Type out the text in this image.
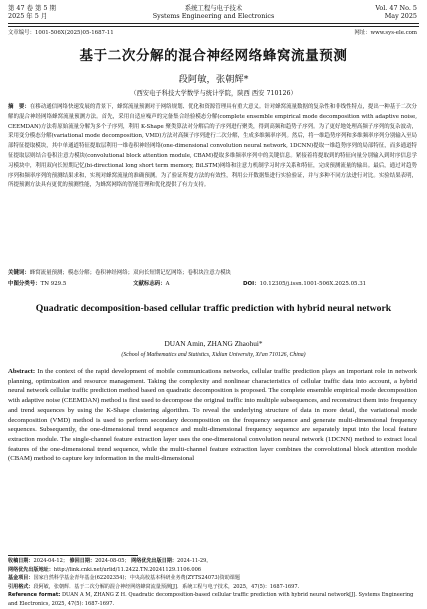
第 47 卷 第 5 期
2025 年 5 月
系统工程与电子技术
Systems Engineering and Electronics
Vol. 47 No. 5
May 2025
文章编号：1001-506X(2025)05-1687-11	网址：www.sys-ele.com
基于二次分解的混合神经网络蜂窝流量预测
段阿敏，张朝辉*
（西安电子科技大学数学与统计学院，陕西 西安 710126）
摘　要：在移动通信网络快速发展的背景下，蜂窝流量预测对于网络规划、优化和资源管理具有重大意义。针对蜂窝流量数据的复杂性和非线性特点，提出一种基于二次分解的混合神经网络蜂窝流量预测方法。首先，采用自适应噪声的完备集合经验模态分解(complete ensemble empirical mode decomposition with adaptive noise, CEEMDAN)方法将原始流量分解为多个子序列，利用 K-Shape 聚类算法对分解后的子序列进行聚类，得到高频和趋势子序列。为了更好地处理高频子序列的复杂波动，采用变分模态分解(variational mode decomposition, VMD)方法对高频子序列进行二次分解，生成多维频率序列。然后，将一维趋势序列和多维频率序列分别输入至局部特征提取模块，其中单通道特征提取层利用一维卷积神经网络(one-dimensional convolution neural network, 1DCNN)提取一维趋势序列的局部特征，而多通道特征提取层则结合卷积注意力模块(convolutional block attention module, CBAM)提取多维频率序列中的关键信息。紧接着将提取到的特征向量分别输入到时序信息学习模块中，利用双向长短期记忆(bi-directional long short term memory, BiLSTM)网络和注意力机制学习时序关系和特征，完成预测流量的输出。最后，通过对趋势序列和频率序列的预测结果求和，实现对蜂窝流量的准确预测。为了验证所提方法的有效性，利用公开数据集进行实验验证，并与多种不同方法进行对比。实验结果表明，所提预测方法具有更优的预测性能，为蜂窝网络的智能管理和优化提供了有力支持。
关键词：蜂窝流量预测；模态分解；卷积神经网络；双向长短期记忆网络；卷积块注意力模块
中图分类号：TN 929.5	文献标志码：A	DOI：10.12305/j.issn.1001-506X.2025.05.31
Quadratic decomposition-based cellular traffic prediction with hybrid neural network
DUAN Amin, ZHANG Zhaohui*
(School of Mathematics and Statistics, Xidian University, Xi'an 710126, China)
Abstract: In the context of the rapid development of mobile communications networks, cellular traffic prediction plays an important role in network planning, optimization and resource management. Taking the complexity and nonlinear characteristics of cellular traffic data into account, a hybrid neural network cellular traffic prediction method based on quadratic decomposition is proposed. The complete ensemble empirical mode decomposition with adaptive noise (CEEMDAN) method is first used to decompose the original traffic into multiple subsequences, and reconstruct them into frequency and trend sequences by using the K-Shape clustering algorithm. To reveal the underlying structure of data in more detail, the variational mode decomposition (VMD) method is used to perform secondary decomposition on the frequency sequence and generate multi-dimensional frequency sequences. Subsequently, the one-dimensional trend sequence and multi-dimensional frequency sequence are separately input into the local feature extraction module. The single-channel feature extraction layer uses the one-dimensional convolution neural network (1DCNN) method to extract local features of the one-dimensional trend sequence, while the multi-channel feature extraction layer combines the convolutional block attention module (CBAM) method to capture key information in the multi-dimensional
收稿日期：2024-04-12； 修回日期：2024-08-05； 网络优先出版日期：2024-11-29。
网络优先出版地址：http://link.cnki.net/urlid/11.2422.TN.20241129.1106.006
基金项目：国家自然科学基金青年基金(62202354)；中央高校基本科研业务费(ZYTS24073)资助课题
引用格式：段阿敏，张朝辉．基于二次分解的混合神经网络蜂窝流量预测[J]．系统工程与电子技术，2025，47(5)：1687-1697.
Reference format: DUAN A M, ZHANG Z H. Quadratic decomposition-based cellular traffic prediction with hybrid neural network[J]. Systems Engineering and Electronics, 2025, 47(5): 1687-1697.
